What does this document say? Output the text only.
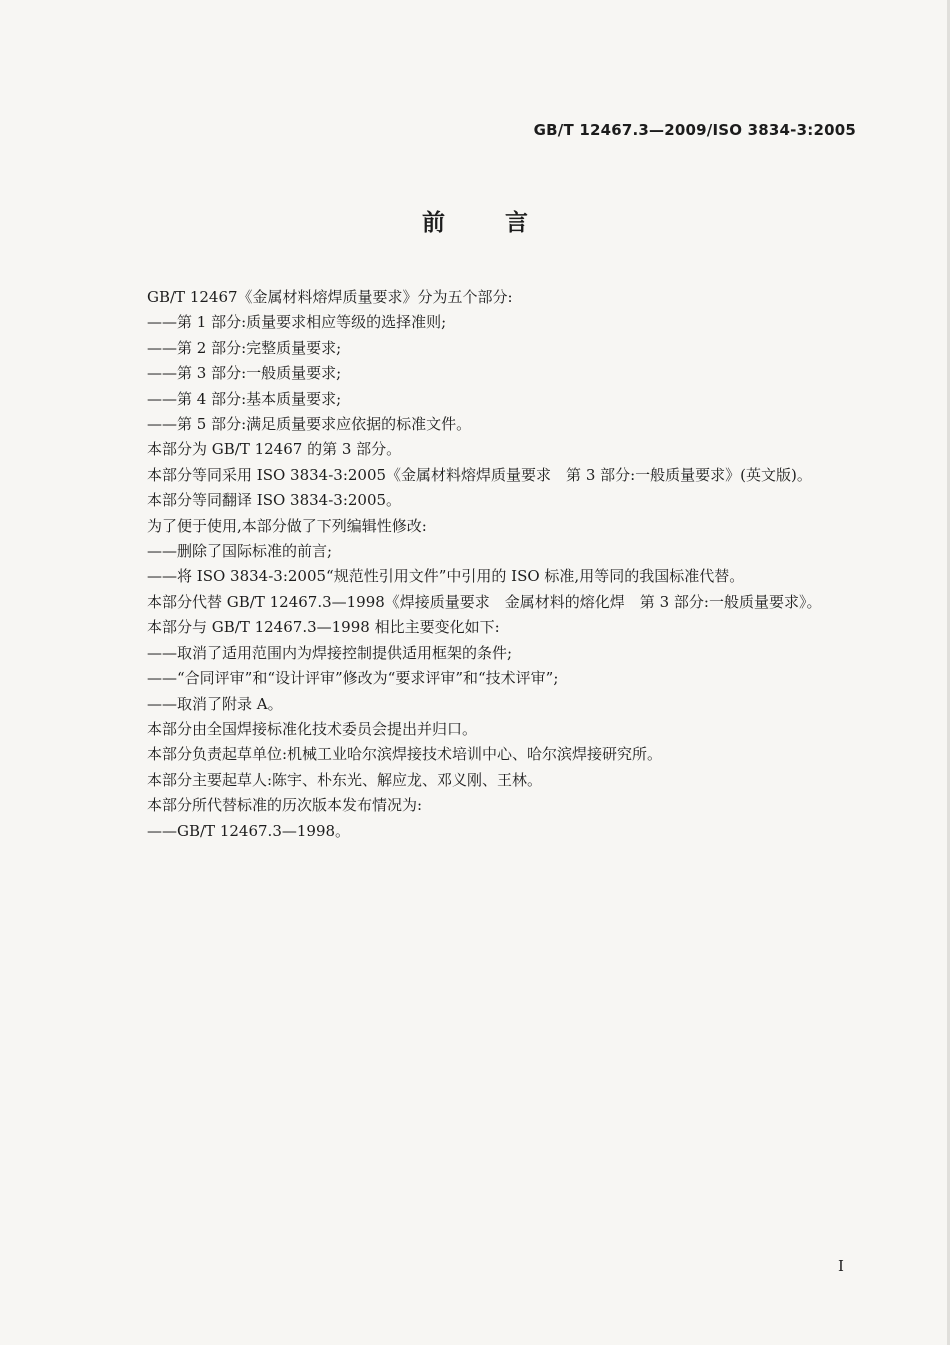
GB/T 12467.3—2009/ISO 3834-3:2005
前言
GB/T 12467《金属材料熔焊质量要求》分为五个部分:
——第 1 部分:质量要求相应等级的选择准则;
——第 2 部分:完整质量要求;
——第 3 部分:一般质量要求;
——第 4 部分:基本质量要求;
——第 5 部分:满足质量要求应依据的标准文件。
本部分为 GB/T 12467 的第 3 部分。
本部分等同采用 ISO 3834-3:2005《金属材料熔焊质量要求　第 3 部分:一般质量要求》(英文版)。
本部分等同翻译 ISO 3834-3:2005。
为了便于使用,本部分做了下列编辑性修改:
——删除了国际标准的前言;
——将 ISO 3834-3:2005“规范性引用文件”中引用的 ISO 标准,用等同的我国标准代替。
本部分代替 GB/T 12467.3—1998《焊接质量要求　金属材料的熔化焊　第 3 部分:一般质量要求》。
本部分与 GB/T 12467.3—1998 相比主要变化如下:
——取消了适用范围内为焊接控制提供适用框架的条件;
——“合同评审”和“设计评审”修改为“要求评审”和“技术评审”;
——取消了附录 A。
本部分由全国焊接标准化技术委员会提出并归口。
本部分负责起草单位:机械工业哈尔滨焊接技术培训中心、哈尔滨焊接研究所。
本部分主要起草人:陈宇、朴东光、解应龙、邓义刚、王林。
本部分所代替标准的历次版本发布情况为:
——GB/T 12467.3—1998。
I
